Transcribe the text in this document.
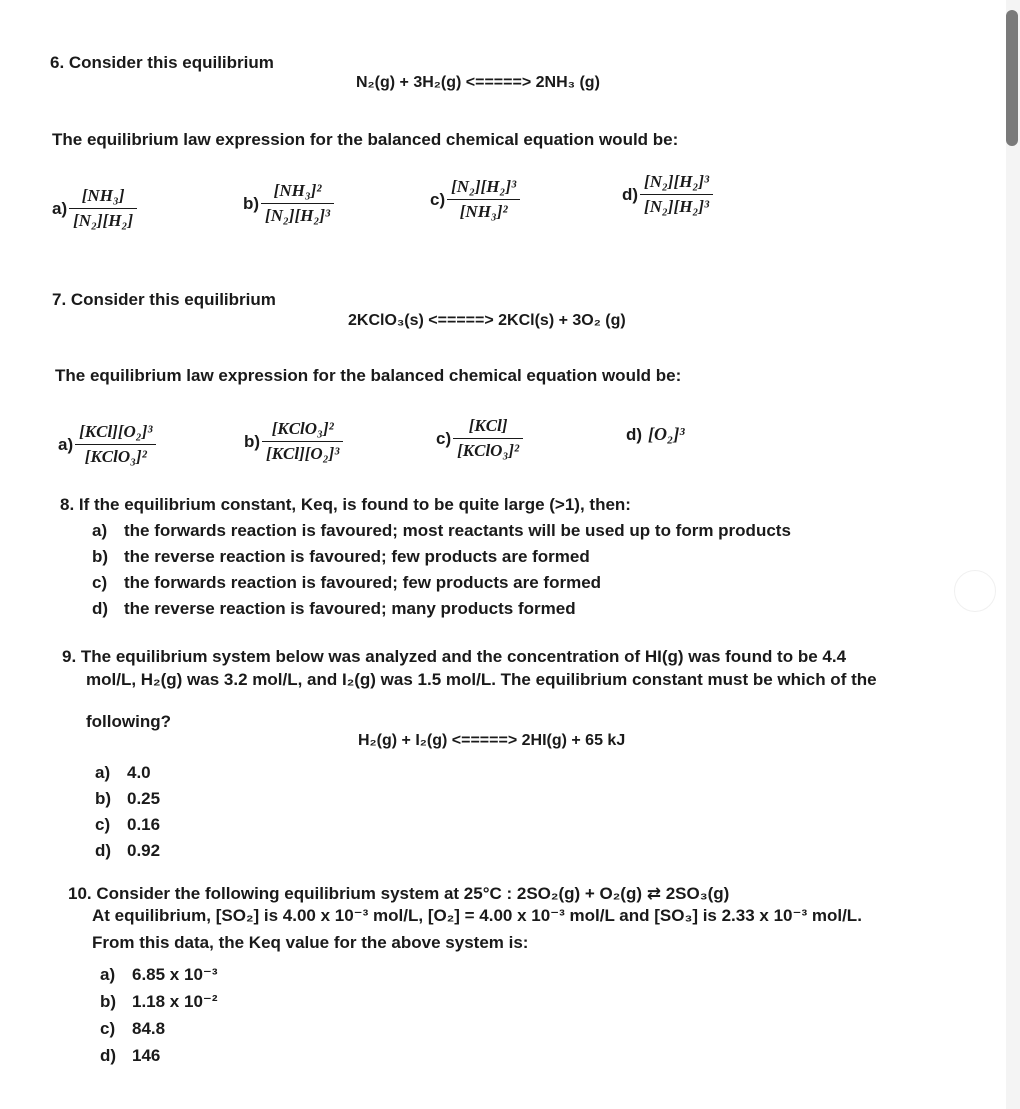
6. Consider this equilibrium
N₂(g) + 3H₂(g) <=====> 2NH₃ (g)
The equilibrium law expression for the balanced chemical equation would be:
$a) \frac{\text{[NH₃]}}{\text{[N₂][H₂]}}$	$b) \frac{\text{[NH₃]²}}{\text{[N₂][H₂]³}}$	$c) \frac{\text{[N₂][H₂]³}}{\text{[NH₃]²}}$	$d) \frac{\text{[N₂][H₂]³}}{\text{[N₂][H₂]³}}$
7. Consider this equilibrium
2KClO₃(s) <=====> 2KCl(s) + 3O₂ (g)
The equilibrium law expression for the balanced chemical equation would be:
$a) \frac{\text{[KCl][O₂]³}}{\text{[KClO₃]²}}$	$b) \frac{\text{[KClO₃]²}}{\text{[KCl][O₂]³}}$	$c) \frac{\text{[KCl]}}{\text{[KClO₃]²}}$	d) [O₂]³
8. If the equilibrium constant, Keq, is found to be quite large (>1), then:
a) the forwards reaction is favoured; most reactants will be used up to form products
b) the reverse reaction is favoured; few products are formed
c) the forwards reaction is favoured; few products are formed
d) the reverse reaction is favoured; many products formed
9. The equilibrium system below was analyzed and the concentration of HI(g) was found to be 4.4
mol/L, H₂(g) was 3.2 mol/L, and I₂(g) was 1.5 mol/L. The equilibrium constant must be which of the
following?
H₂(g) + I₂(g) <=====> 2HI(g) + 65 kJ
a) 4.0
b) 0.25
c) 0.16
d) 0.92
10. Consider the following equilibrium system at 25°C : 2SO₂(g) + O₂(g) ⇄ 2SO₃(g)
At equilibrium, [SO₂] is 4.00 x 10⁻³ mol/L, [O₂] = 4.00 x 10⁻³ mol/L and [SO₃] is 2.33 x 10⁻³ mol/L.
From this data, the Keq value for the above system is:
a) 6.85 x 10⁻³
b) 1.18 x 10⁻²
c) 84.8
d) 146
